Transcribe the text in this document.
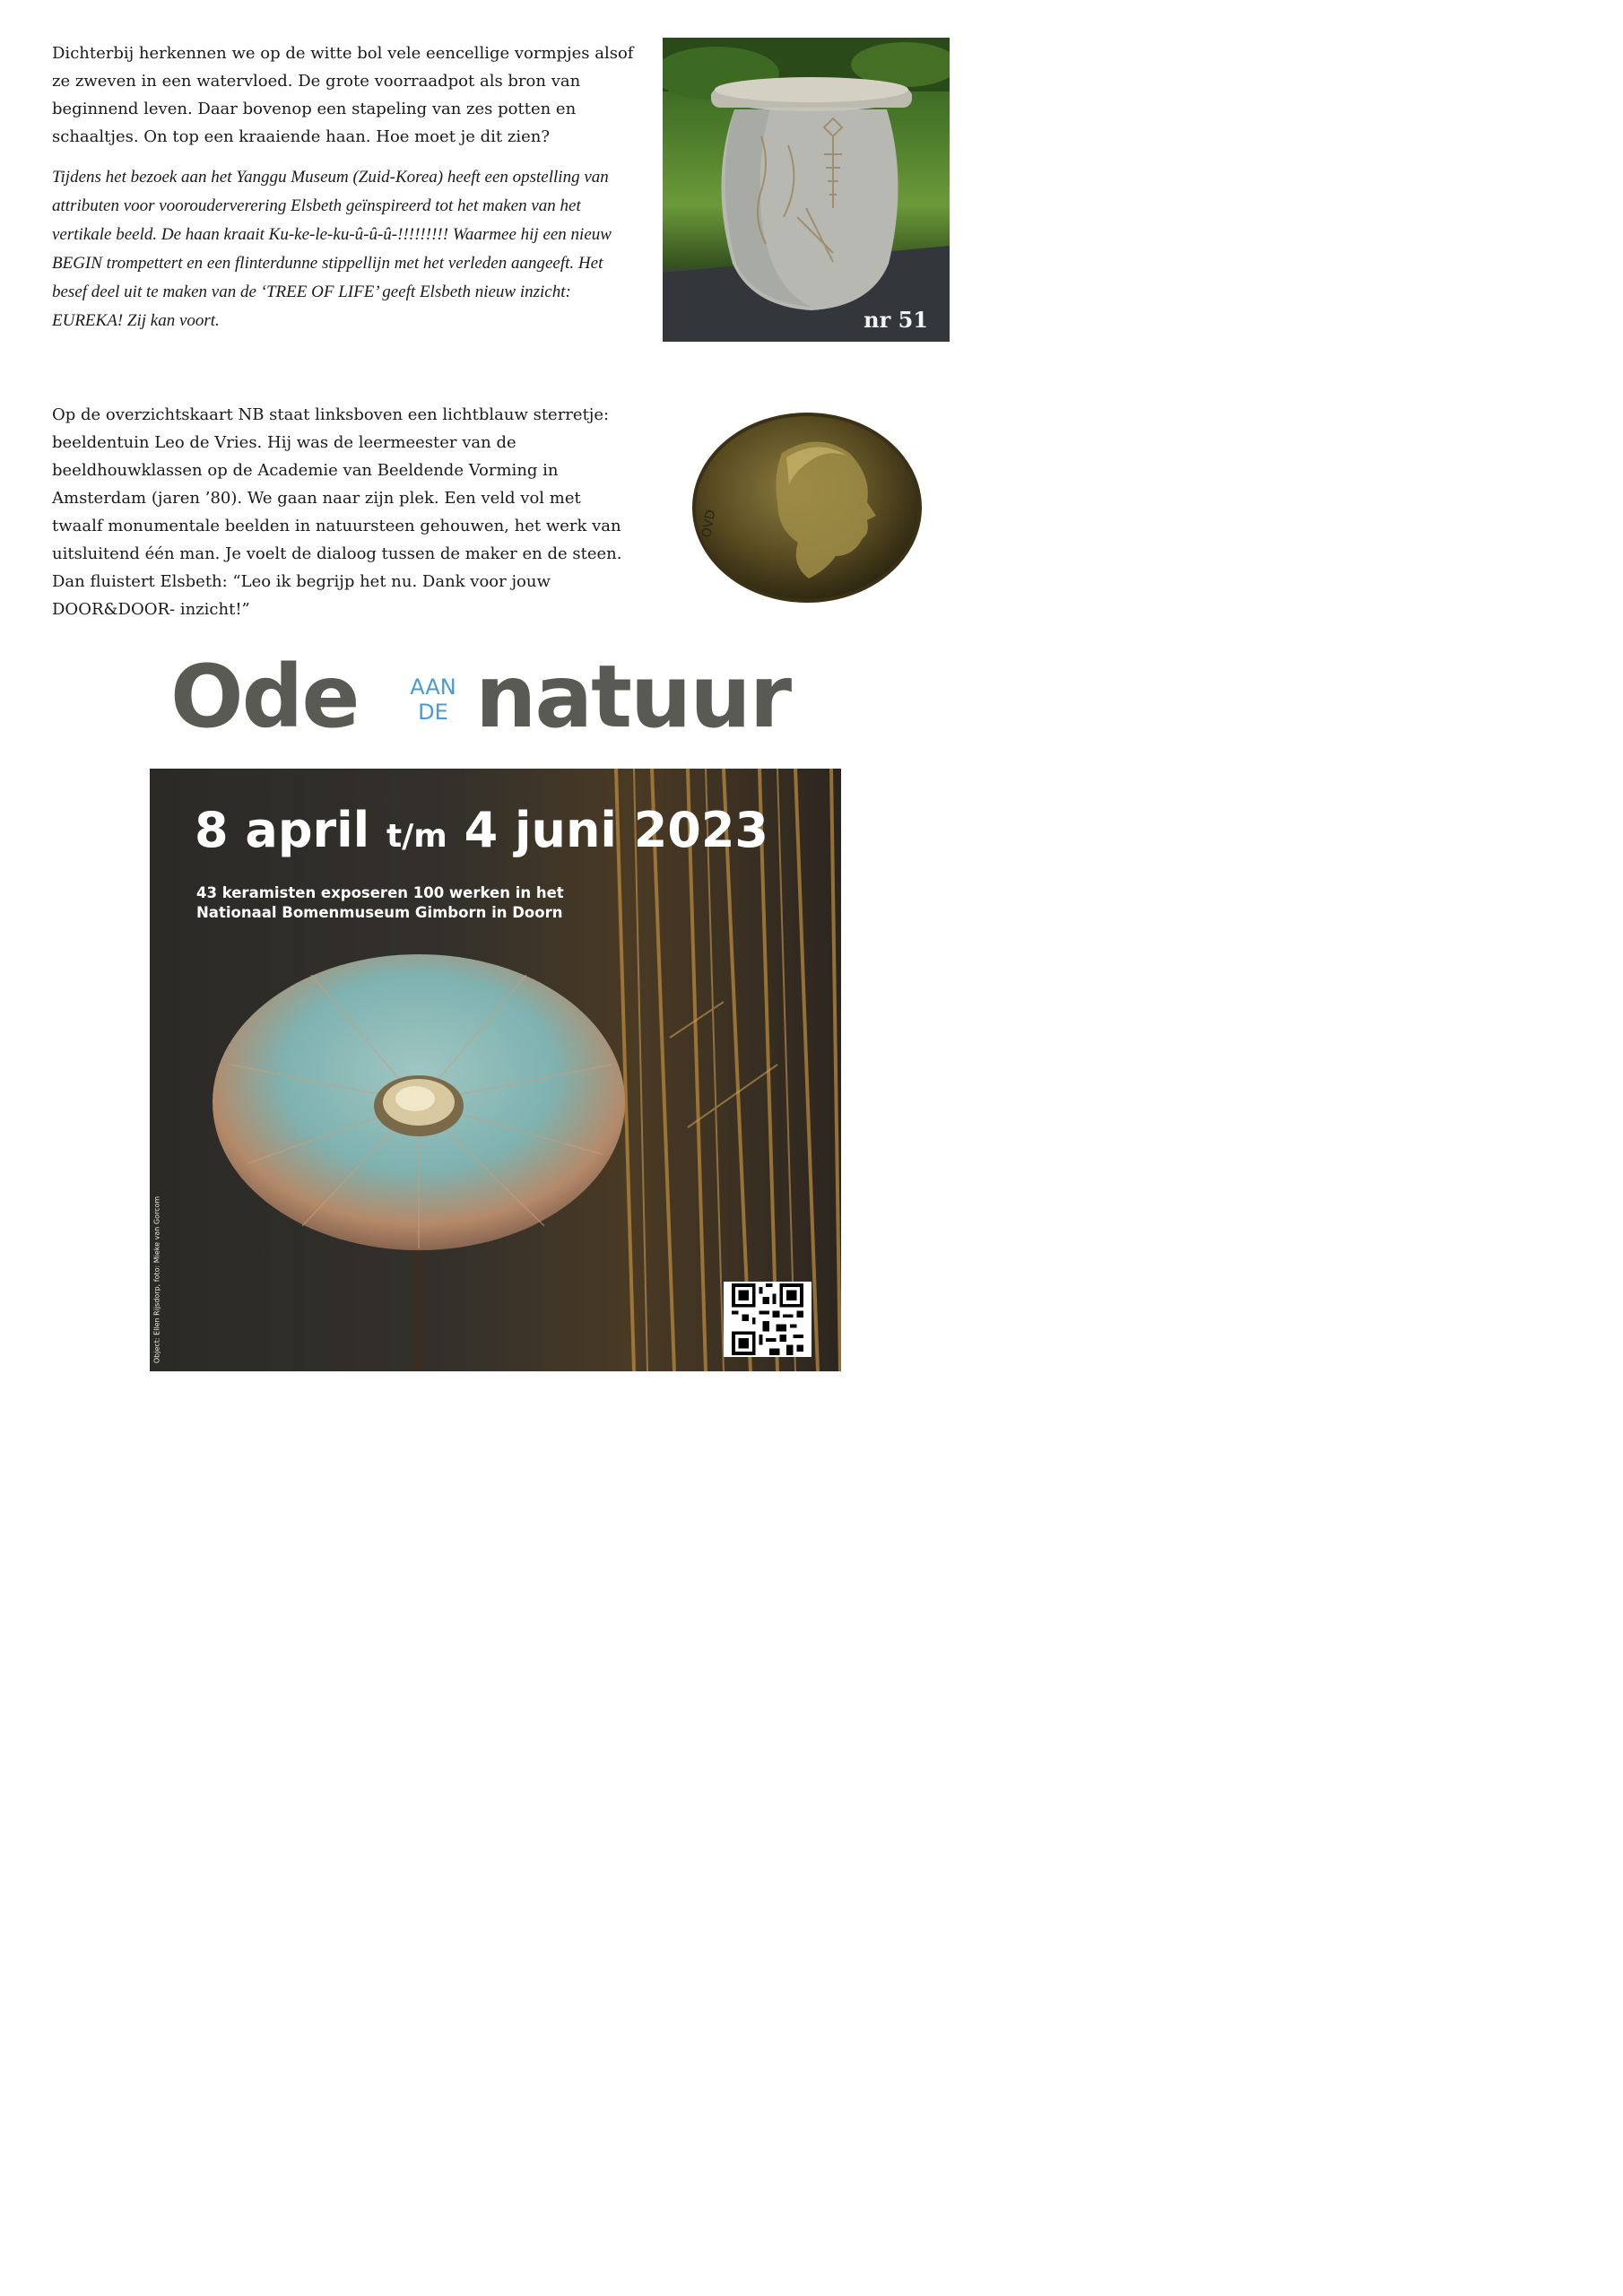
Dichterbij herkennen we op de witte bol vele eencellige vormpjes alsof ze zweven in een watervloed. De grote voorraadpot als bron van beginnend leven. Daar bovenop een stapeling van zes potten en schaaltjes. On top een kraaiende haan. Hoe moet je dit zien?

Tijdens het bezoek aan het Yanggu Museum (Zuid-Korea) heeft een opstelling van attributen voor voorouderverering Elsbeth geïnspireerd tot het maken van het vertikale beeld. De haan kraait Ku-ke-le-ku-û-û-û-!!!!!!!!! Waarmee hij een nieuw BEGIN trompettert en een flinterdunne stippellijn met het verleden aangeeft. Het besef deel uit te maken van de ‘TREE OF LIFE’ geeft Elsbeth nieuw inzicht: EUREKA! Zij kan voort.

Op de overzichtskaart NB staat linksboven een lichtblauw sterretje: beeldentuin Leo de Vries. Hij was de leermeester van de beeldhouwklassen op de Academie van Beeldende Vorming in Amsterdam (jaren ’80). We gaan naar zijn plek. Een veld vol met twaalf monumentale beelden in natuursteen gehouwen, het werk van uitsluitend één man. Je voelt de dialoog tussen de maker en de steen. Dan fluistert Elsbeth: “Leo ik begrijp het nu. Dank voor jouw DOOR&DOOR- inzicht!”

nr 51
OVD
Ode	AAN
DE natuur
8 april t/m 4 juni 2023
43 keramisten exposeren 100 werken in het
Nationaal Bomenmuseum Gimborn in Doorn
Object: Ellen Rijsdorp, foto: Mieke van Gorcom
